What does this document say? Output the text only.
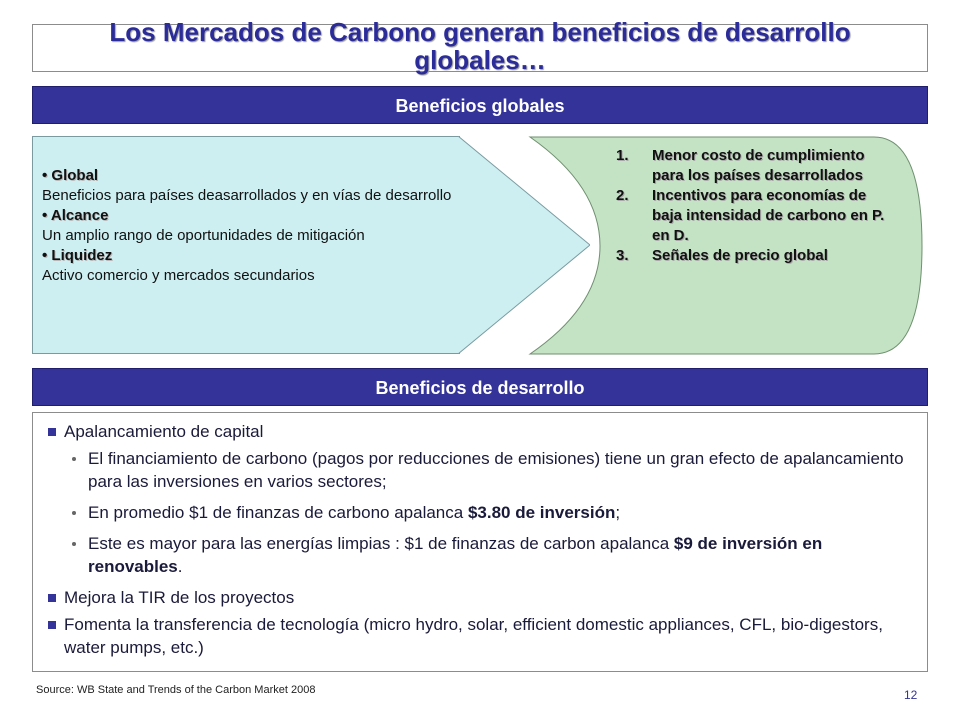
Los Mercados de Carbono generan beneficios de desarrollo
globales…
Beneficios globales
• Global
Beneficios para países deasarrollados y en vías de desarrollo
• Alcance
Un amplio rango de oportunidades de mitigación
• Liquidez
Activo comercio y mercados secundarios
1.	Menor costo de cumplimiento para los países desarrollados
2.	Incentivos para economías de baja intensidad de carbono en P. en D.
3.	Señales de precio global
Beneficios de desarrollo
Apalancamiento de capital
El financiamiento de carbono (pagos por reducciones de emisiones) tiene un gran efecto de apalancamiento para las inversiones en varios sectores;
En promedio $1 de finanzas de carbono apalanca $3.80 de inversión;
Este es mayor para las energías limpias : $1 de finanzas de carbon apalanca $9 de inversión en renovables.
Mejora la TIR de los proyectos
Fomenta la transferencia de tecnología (micro hydro, solar, efficient domestic appliances, CFL, bio-digestors, water pumps, etc.)
Source: WB State and Trends of the Carbon Market 2008	12
